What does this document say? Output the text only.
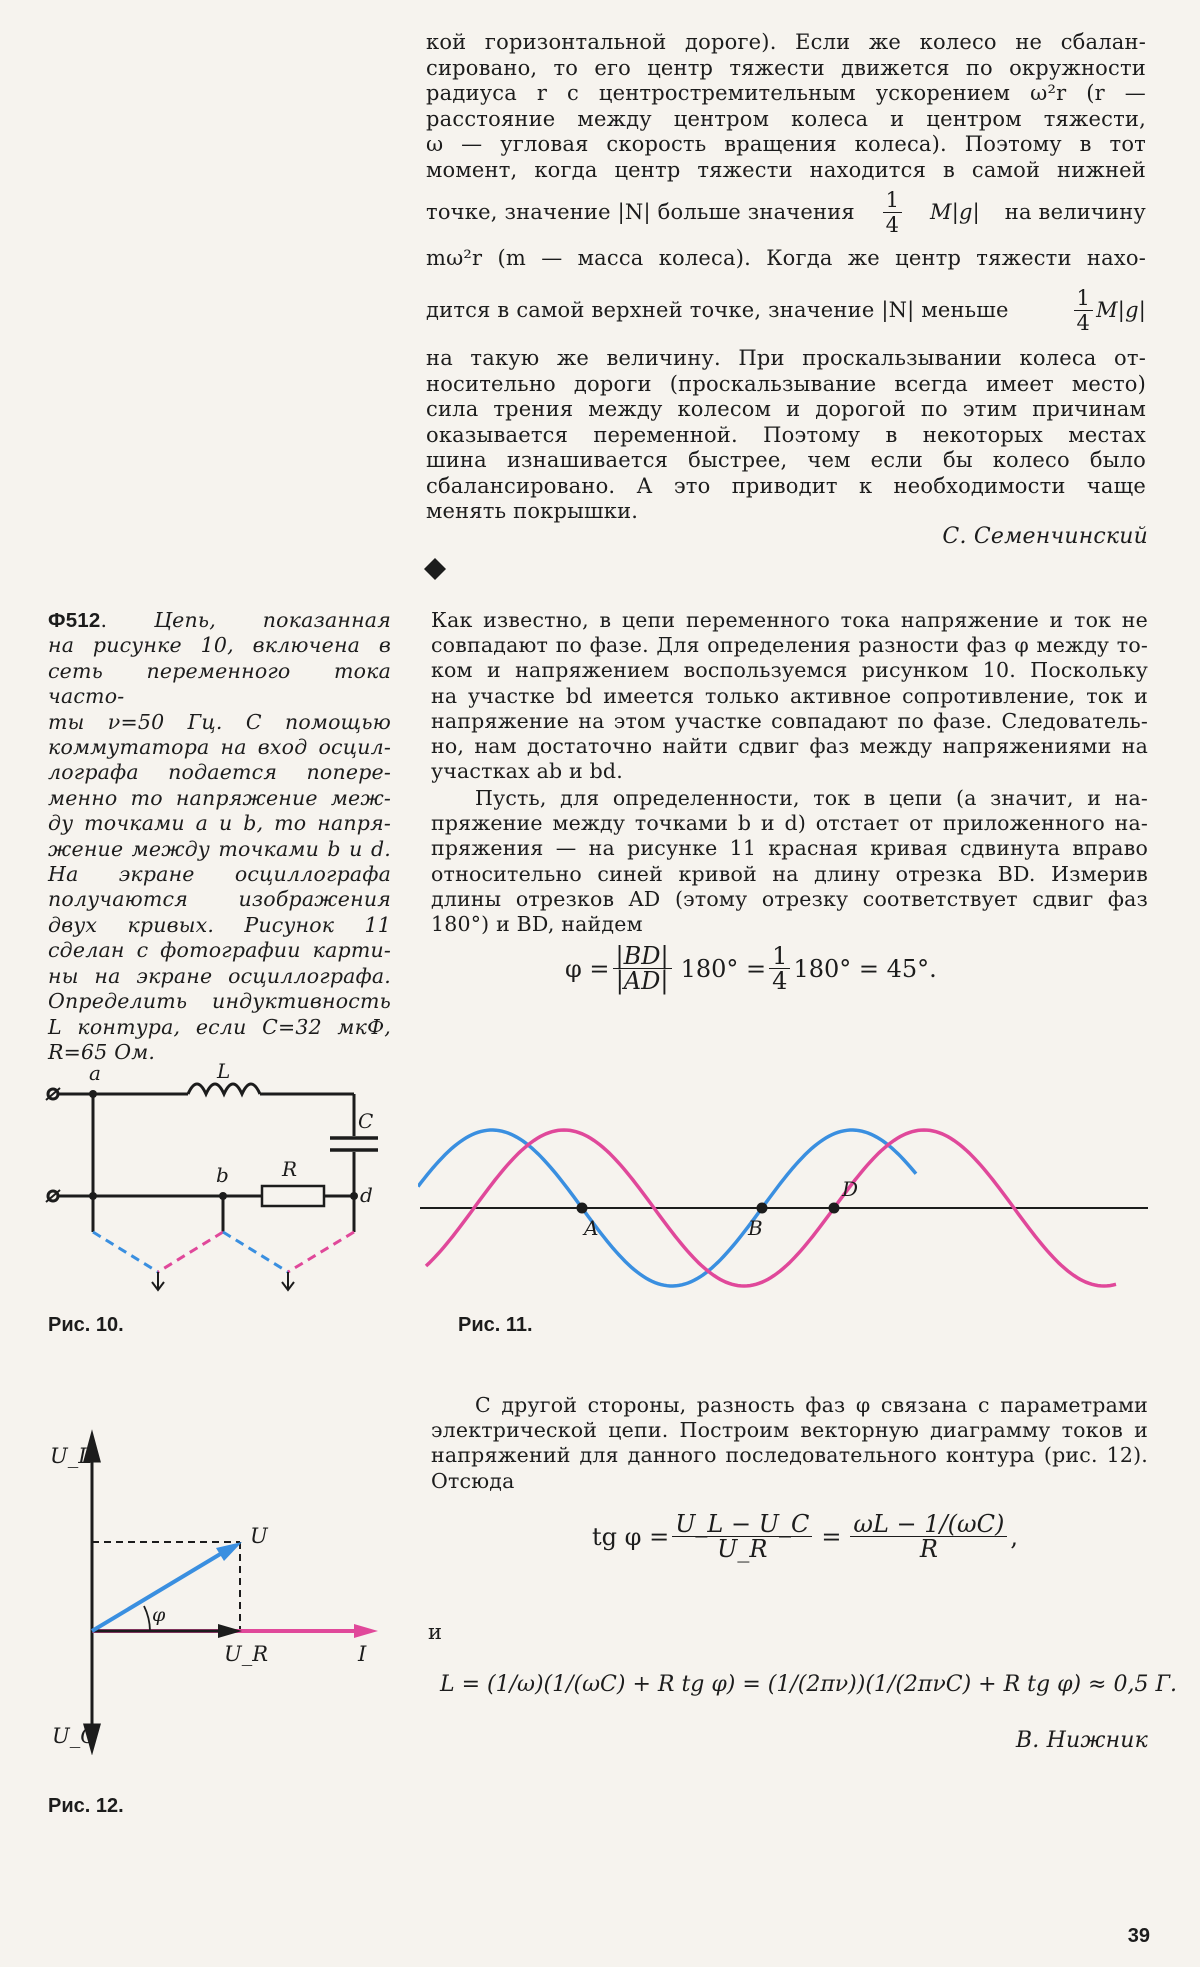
кой горизонтальной дороге). Если же колесо не сбалан-
сировано, то его центр тяжести движется по окружности
радиуса r с центростремительным ускорением ω²r (r —
расстояние между центром колеса и центром тяжести,
ω — угловая скорость вращения колеса). Поэтому в тот
момент, когда центр тяжести находится в самой нижней
точке, значение |N| больше значения $\frac{1}{4} M|g|$ на величину
mω²r (m — масса колеса). Когда же центр тяжести нахо-
дится в самой верхней точке, значение |N| меньше	$\frac{1}{4} M|g|$
на такую же величину. При проскальзывании колеса от-
носительно дороги (проскальзывание всегда имеет место)
сила трения между колесом и дорогой по этим причинам
оказывается переменной. Поэтому в некоторых местах
шина изнашивается быстрее, чем если бы колесо было
сбалансировано. А это приводит к необходимости чаще
менять покрышки.
С. Семенчинский
Ф512. Цепь, показанная
на рисунке 10, включена в
сеть переменного тока часто-
ты ν=50 Гц. С помощью
коммутатора на вход осцил-
лографа подается попере-
менно то напряжение меж-
ду точками a и b, то напря-
жение между точками b и d.
На экране осциллографа
получаются изображения
двух кривых. Рисунок 11
сделан с фотографии карти-
ны на экране осциллографа.
Определить индуктивность
L контура, если C=32 мкФ,
R=65 Ом.
Как известно, в цепи переменного тока напряжение и ток не
совпадают по фазе. Для определения разности фаз φ между то-
ком и напряжением воспользуемся рисунком 10. Поскольку
на участке bd имеется только активное сопротивление, ток и
напряжение на этом участке совпадают по фазе. Следователь-
но, нам достаточно найти сдвиг фаз между напряжениями на
участках ab и bd.
Пусть, для определенности, ток в цепи (а значит, и на-
пряжение между точками b и d) отстает от приложенного на-
пряжения — на рисунке 11 красная кривая сдвинута вправо
относительно синей кривой на длину отрезка BD. Измерив
длины отрезков AD (этому отрезку соответствует сдвиг фаз
180°) и BD, найдем
$\varphi = \frac{|BD|}{|AD|} 180^\circ = \frac{1}{4} 180^\circ = 45^\circ$.
a	L
C
b	R
d
Рис. 10.
A	B
D
Рис. 11.
U_L
U
φ
U_R	I
U_C
Рис. 12.
С другой стороны, разность фаз φ связана с параметрами
электрической цепи. Построим векторную диаграмму токов и
напряжений для данного последовательного контура (рис. 12).
Отсюда
tg $\varphi = \frac{U\_L - U\_C}{U\_R} = \frac{\omega L - 1/(\omega C)}{R}$ ,
и
L = (1/ω)(1/(ωC) + R tg φ) = (1/(2πν))(1/(2πνC) + R tg φ) ≈ 0,5 Г.
В. Нижник
39
